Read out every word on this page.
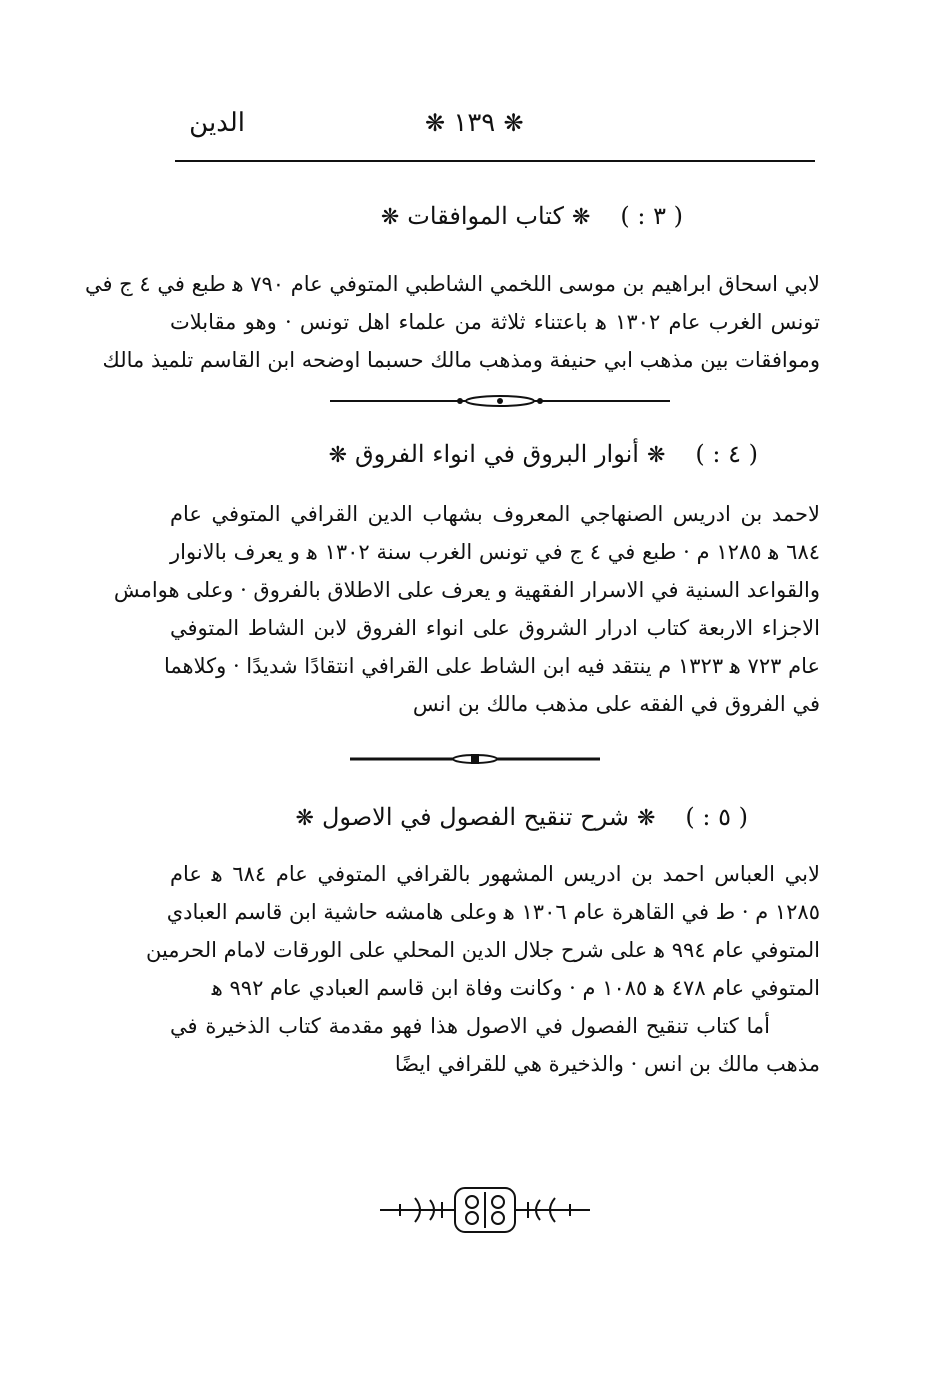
الدين	❋ ١٣٩ ❋
( ٣ : )❋كتاب الموافقات❋
لابي اسحاق ابراهيم بن موسى اللخمي الشاطبي المتوفي عام ٧٩٠ ﻫ طبع في ٤ ج في
تونس الغرب عام ١٣٠٢ ﻫ باعتناء ثلاثة من علماء اهل تونس · وهو مقابلات
وموافقات بين مذهب ابي حنيفة ومذهب مالك حسبما اوضحه ابن القاسم تلميذ مالك
( ٤ : )❋أنوار البروق في انواء الفروق❋
لاحمد بن ادريس الصنهاجي المعروف بشهاب الدين القرافي المتوفي عام
٦٨٤ ﻫ ١٢٨٥ م · طبع في ٤ ج في تونس الغرب سنة ١٣٠٢ ﻫ و يعرف بالانوار
والقواعد السنية في الاسرار الفقهية و يعرف على الاطلاق بالفروق · وعلى هوامش
الاجزاء الاربعة كتاب ادرار الشروق على انواء الفروق لابن الشاط المتوفي
عام ٧٢٣ ﻫ ١٣٢٣ م ينتقد فيه ابن الشاط على القرافي انتقادًا شديدًا · وكلاهما
في الفروق في الفقه على مذهب مالك بن انس
( ٥ : )❋شرح تنقيح الفصول في الاصول❋
لابي العباس احمد بن ادريس المشهور بالقرافي المتوفي عام ٦٨٤ ﻫ عام
١٢٨٥ م · ط في القاهرة عام ١٣٠٦ ﻫ وعلى هامشه حاشية ابن قاسم العبادي
المتوفي عام ٩٩٤ ﻫ على شرح جلال الدين المحلي على الورقات لامام الحرمين
المتوفي عام ٤٧٨ ﻫ ١٠٨٥ م · وكانت وفاة ابن قاسم العبادي عام ٩٩٢ ﻫ
أما كتاب تنقيح الفصول في الاصول هذا فهو مقدمة كتاب الذخيرة في
مذهب مالك بن انس · والذخيرة هي للقرافي ايضًا
